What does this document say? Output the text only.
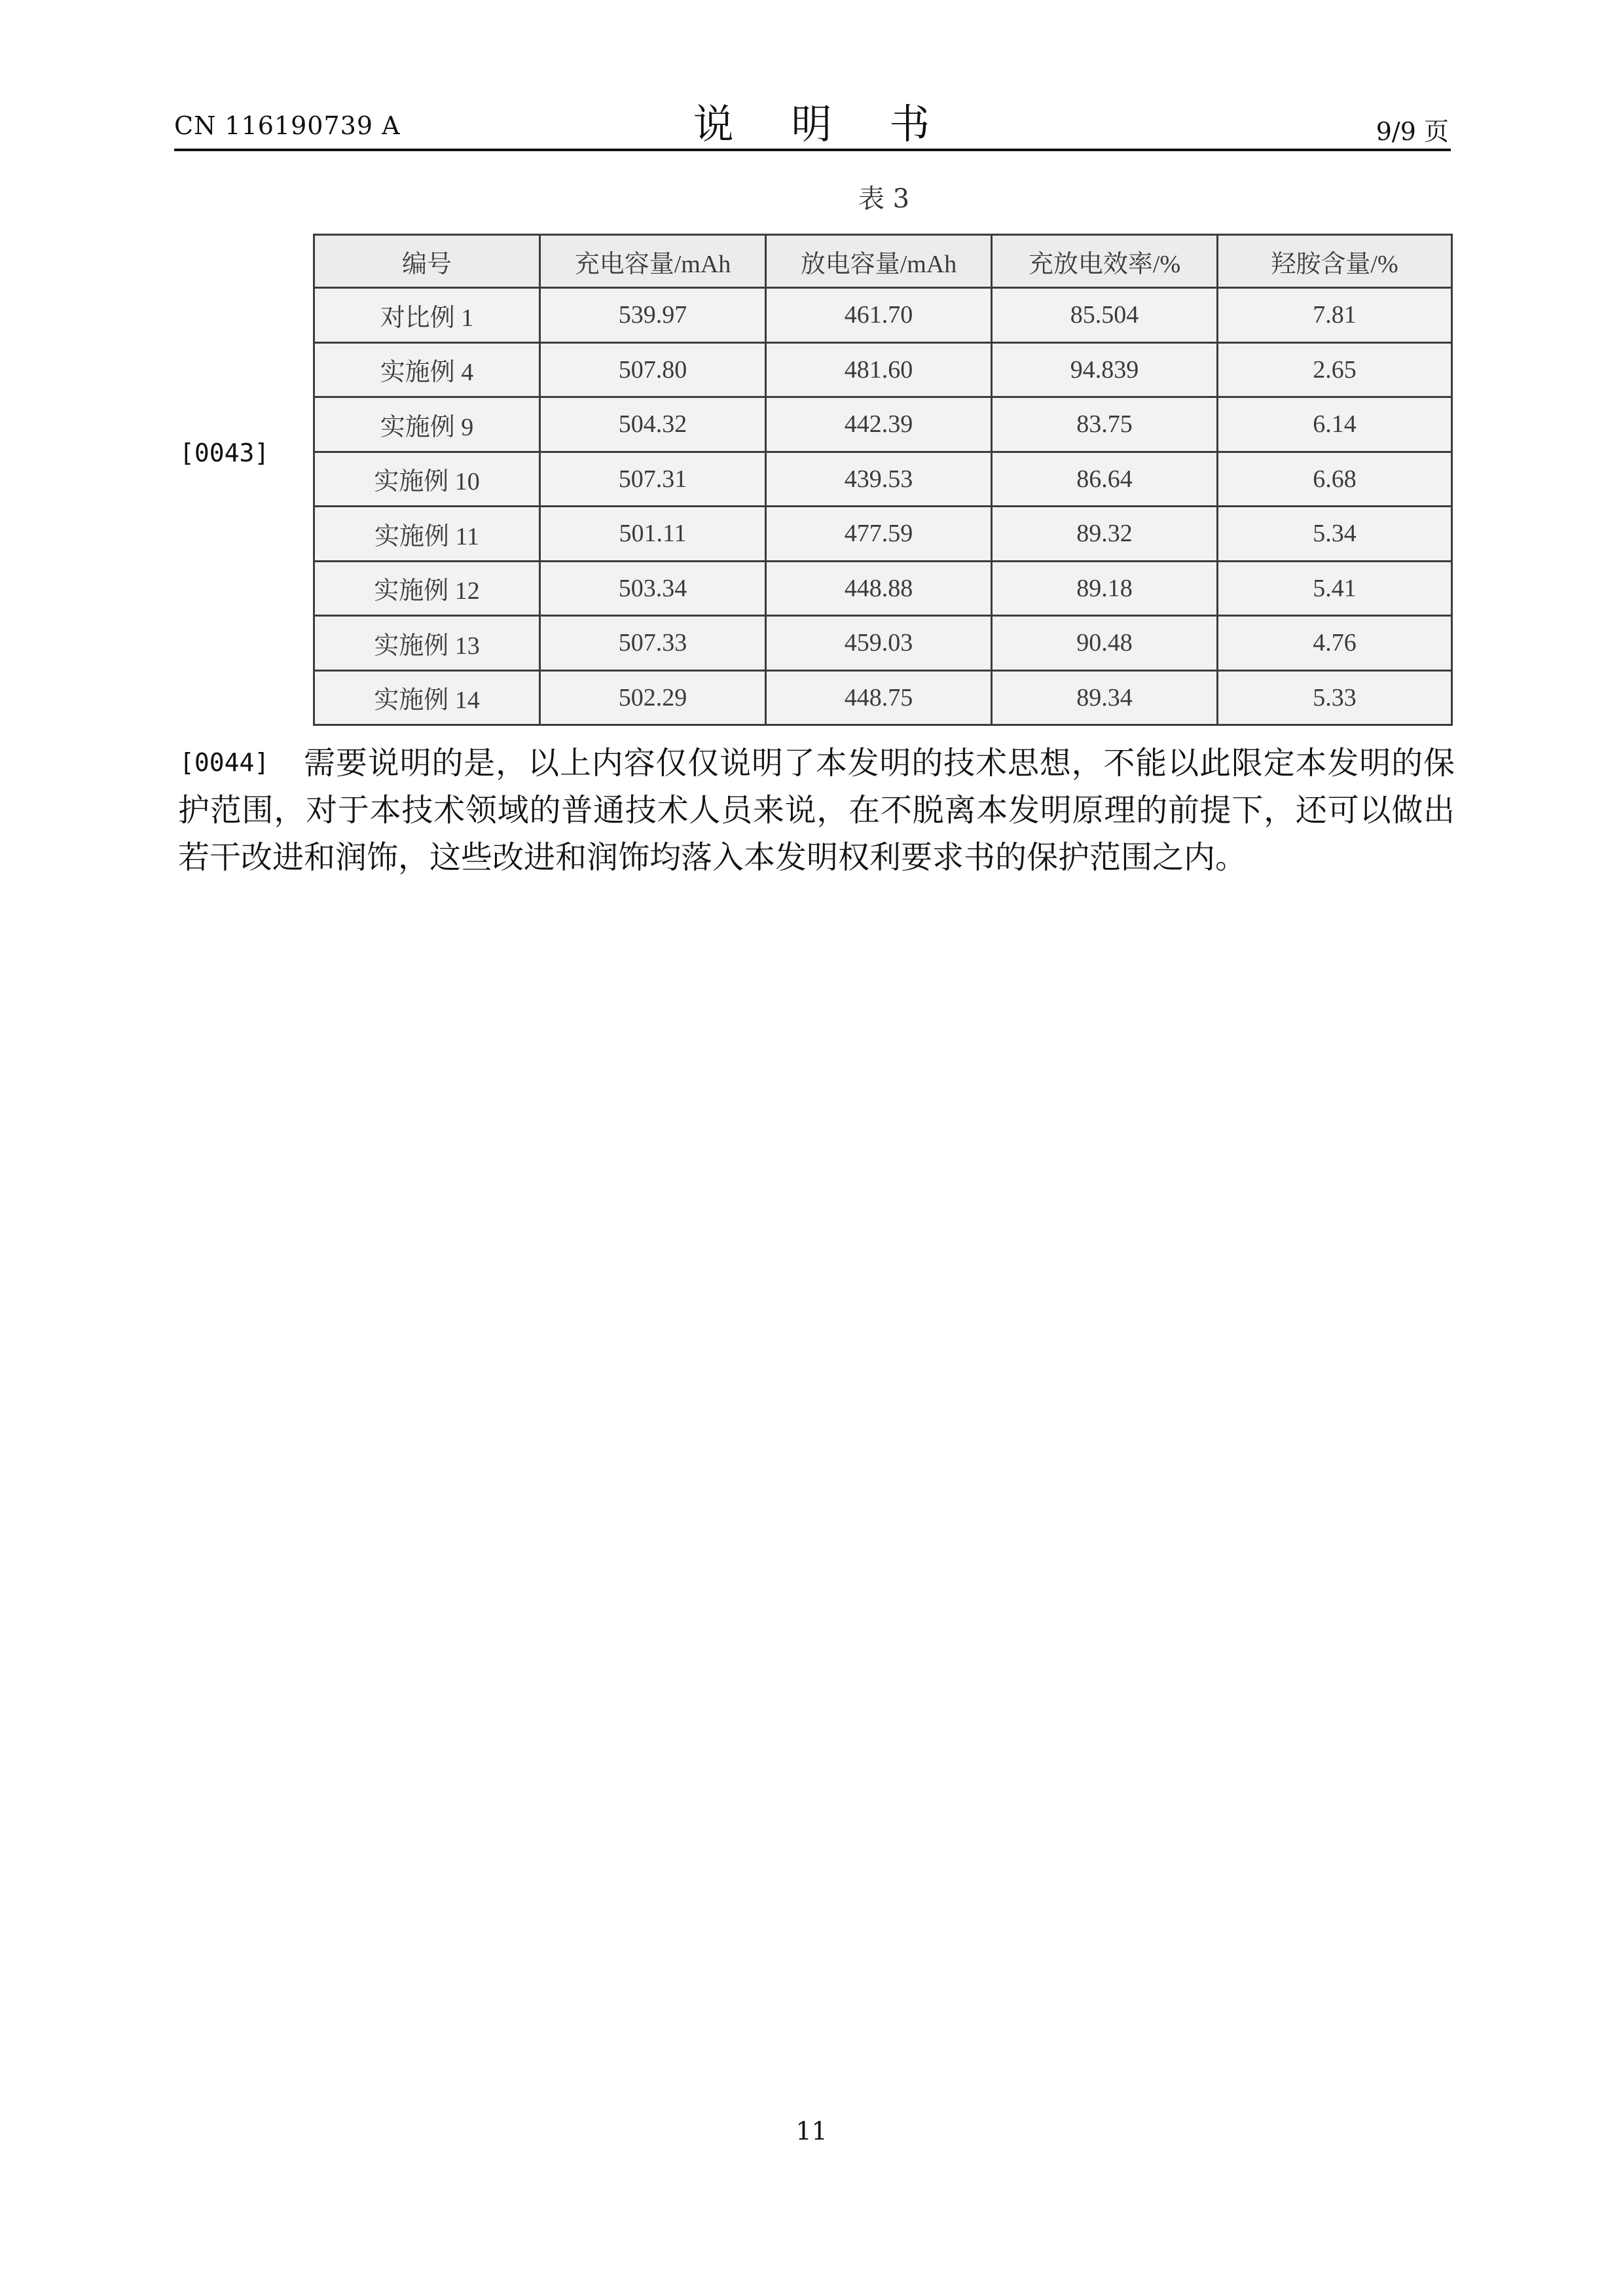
CN 116190739 A	说 明 书	9/9 页
表 3
[0043]
编号	充电容量/mAh	放电容量/mAh	充放电效率/%	羟胺含量/%
对比例 1	539.97	461.70	85.504	7.81
实施例 4	507.80	481.60	94.839	2.65
实施例 9	504.32	442.39	83.75	6.14
实施例 10	507.31	439.53	86.64	6.68
实施例 11	501.11	477.59	89.32	5.34
实施例 12	503.34	448.88	89.18	5.41
实施例 13	507.33	459.03	90.48	4.76
实施例 14	502.29	448.75	89.34	5.33
[0044]	需要说明的是，以上内容仅仅说明了本发明的技术思想，不能以此限定本发明的保护范围，对于本技术领域的普通技术人员来说，在不脱离本发明原理的前提下，还可以做出若干改进和润饰，这些改进和润饰均落入本发明权利要求书的保护范围之内。
11
